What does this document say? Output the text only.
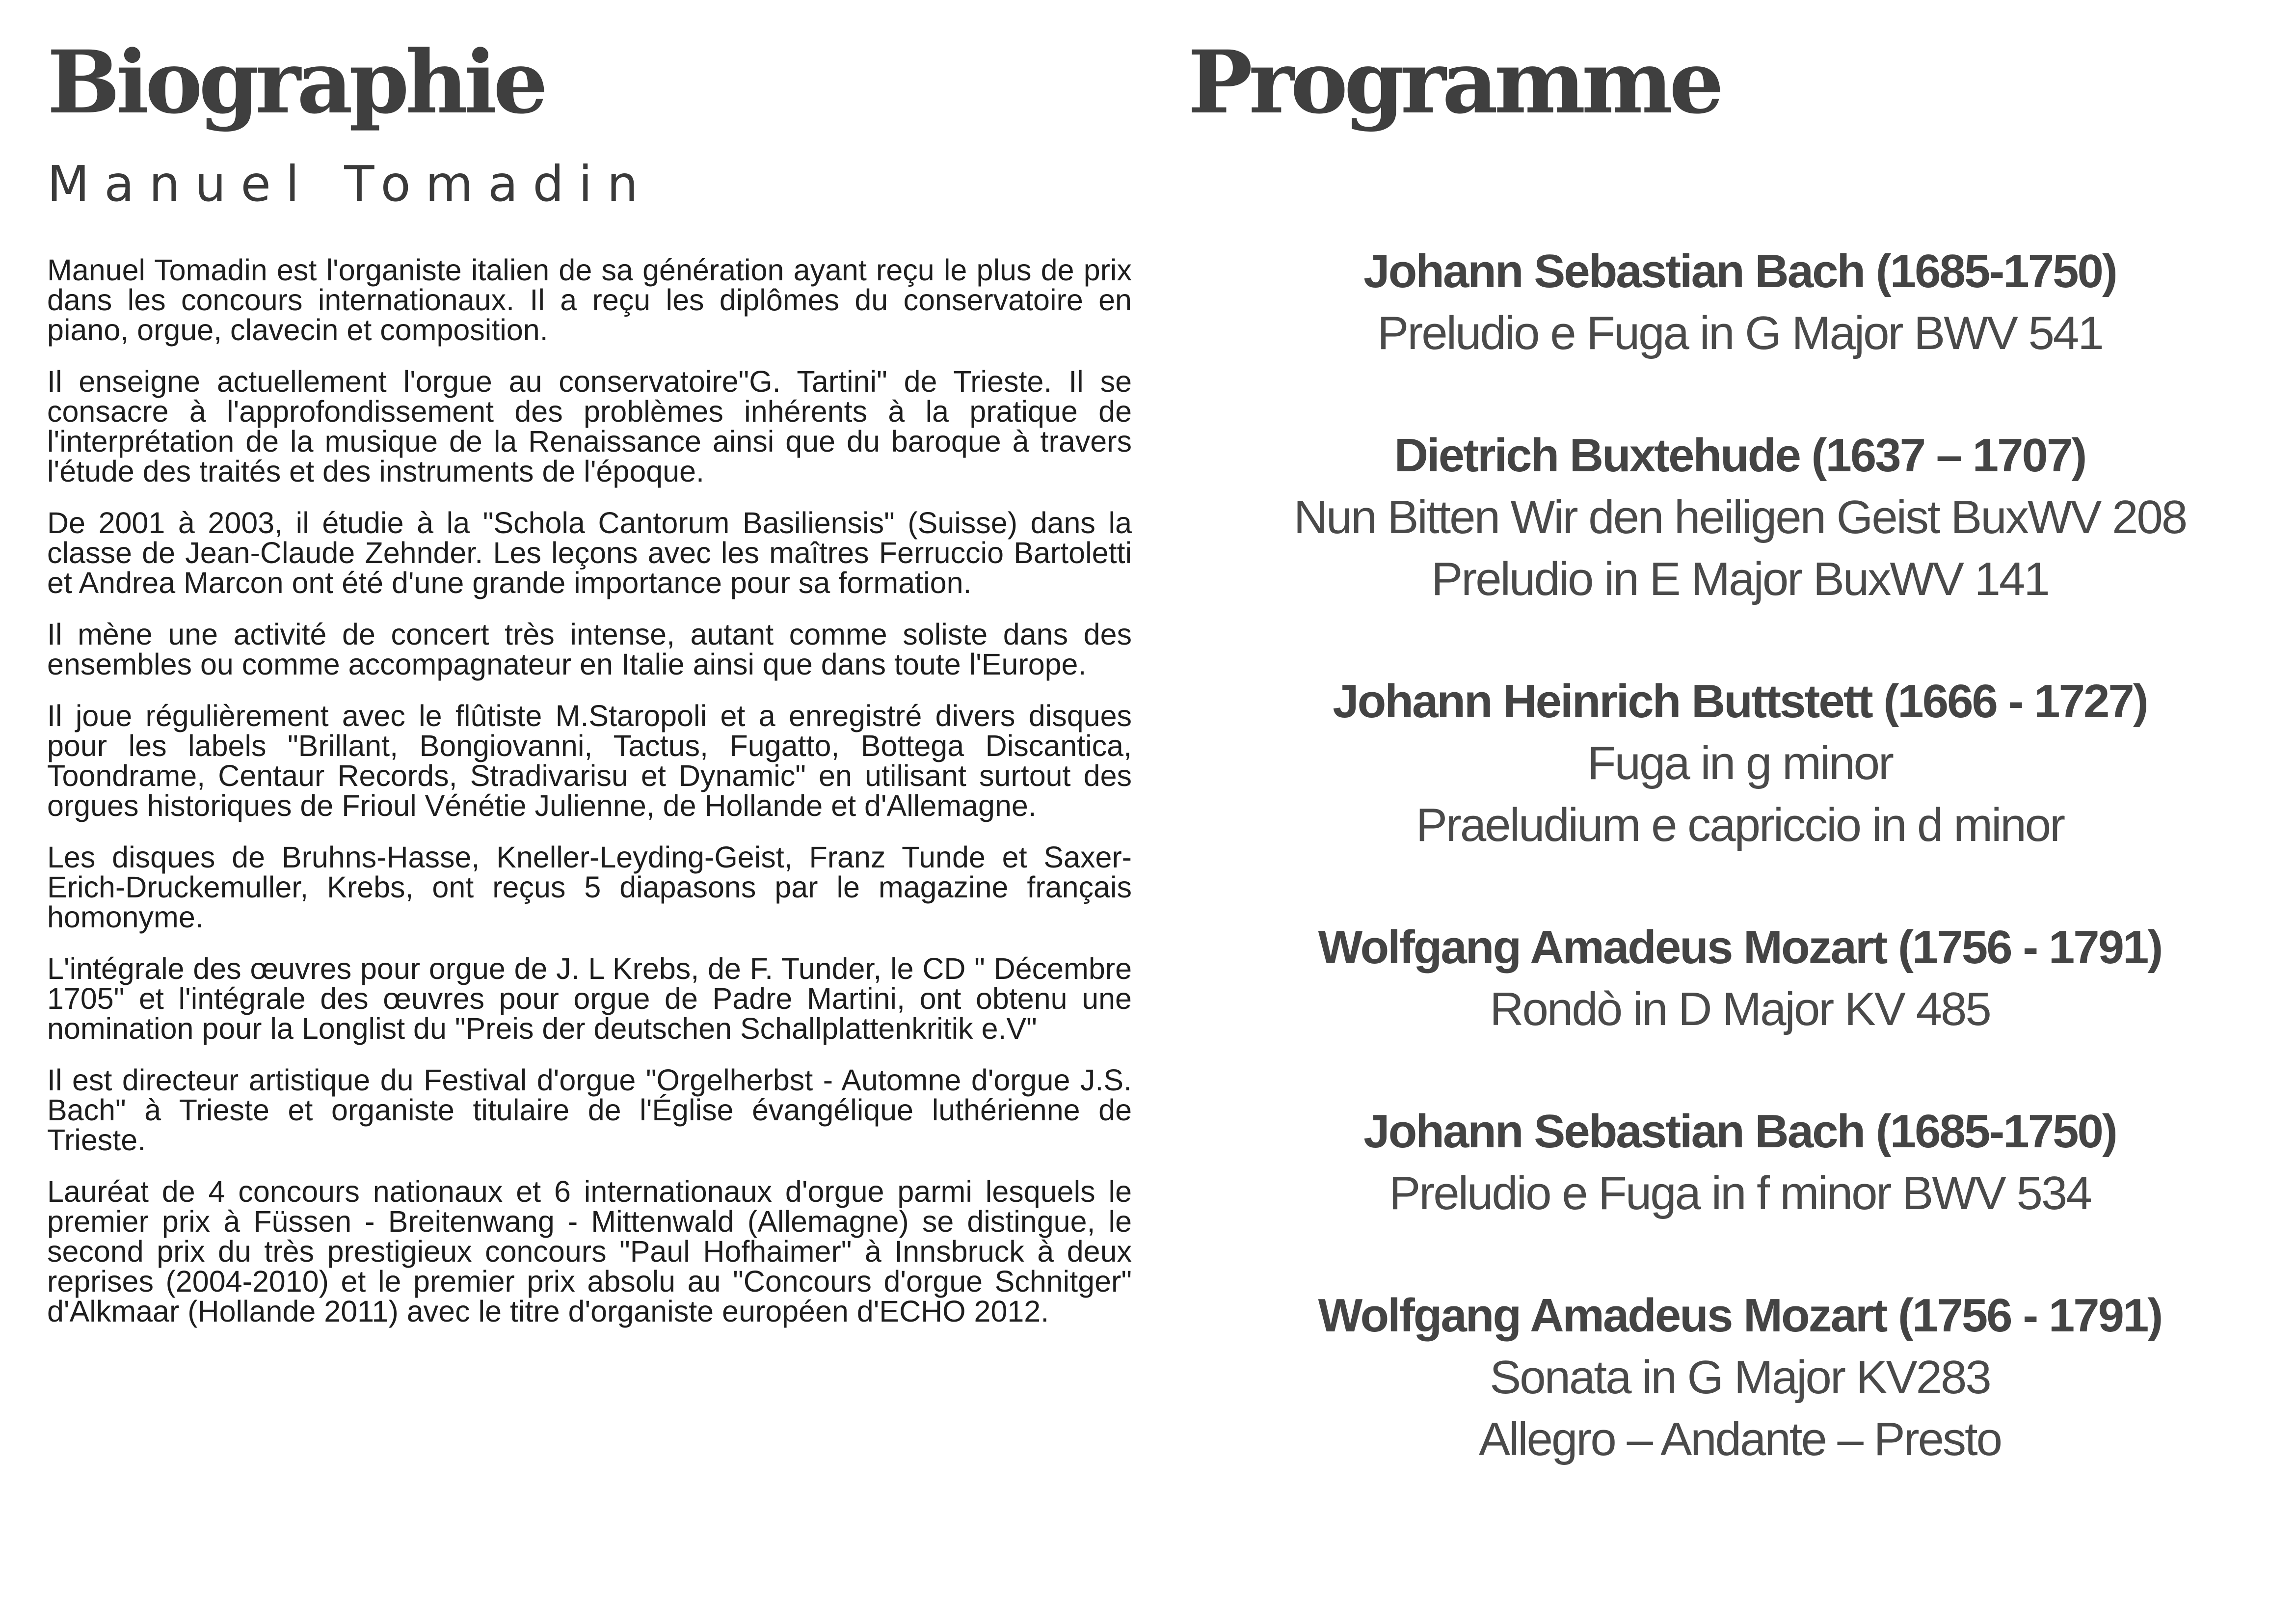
Biographie
Manuel Tomadin

Manuel Tomadin est l'organiste italien de sa génération ayant reçu le plus de prix dans les concours internationaux. Il a reçu les diplômes du conservatoire en piano, orgue, clavecin et composition.

Il enseigne actuellement l'orgue au conservatoire"G. Tartini" de Trieste. Il se consacre à l'approfondissement des problèmes inhérents à la pratique de l'interprétation de la musique de la Renaissance ainsi que du baroque à travers l'étude des traités et des instruments de l'époque.

De 2001 à 2003, il étudie à la "Schola Cantorum Basiliensis" (Suisse) dans la classe de Jean-Claude Zehnder. Les leçons avec les maîtres Ferruccio Bartoletti et Andrea Marcon ont été d'une grande importance pour sa formation.

Il mène une activité de concert très intense, autant comme soliste dans des ensembles ou comme accompagnateur en Italie ainsi que dans toute l'Europe.

Il joue régulièrement avec le flûtiste M.Staropoli et a enregistré divers disques pour les labels "Brillant, Bongiovanni, Tactus, Fugatto, Bottega Discantica, Toondrame, Centaur Records, Stradivarisu et Dynamic" en utilisant surtout des orgues historiques de Frioul Vénétie Julienne, de Hollande et d'Allemagne.

Les disques de Bruhns-Hasse, Kneller-Leyding-Geist, Franz Tunde et Saxer-Erich-Druckemuller, Krebs, ont reçus 5 diapasons par le magazine français homonyme.

L'intégrale des œuvres pour orgue de J. L Krebs, de F. Tunder, le CD " Décembre 1705" et l'intégrale des œuvres pour orgue de Padre Martini, ont obtenu une nomination pour la Longlist du "Preis der deutschen Schallplattenkritik e.V"

Il est directeur artistique du Festival d'orgue "Orgelherbst - Automne d'orgue J.S. Bach" à Trieste et organiste titulaire de l'Église évangélique luthérienne de Trieste.

Lauréat de 4 concours nationaux et 6 internationaux d'orgue parmi lesquels le premier prix à Füssen - Breitenwang - Mittenwald (Allemagne) se distingue, le second prix du très prestigieux concours "Paul Hofhaimer" à Innsbruck à deux reprises (2004-2010) et le premier prix absolu au "Concours d'orgue Schnitger" d'Alkmaar (Hollande 2011) avec le titre d'organiste européen d'ECHO 2012.

Programme
Johann Sebastian Bach (1685-1750)
Preludio e Fuga in G Major BWV 541
Dietrich Buxtehude (1637 – 1707)
Nun Bitten Wir den heiligen Geist BuxWV 208
Preludio in E Major BuxWV 141
Johann Heinrich Buttstett (1666 - 1727)
Fuga in g minor
Praeludium e capriccio in d minor
Wolfgang Amadeus Mozart (1756 - 1791)
Rondò in D Major KV 485
Johann Sebastian Bach (1685-1750)
Preludio e Fuga in f minor BWV 534
Wolfgang Amadeus Mozart (1756 - 1791)
Sonata in G Major KV283
Allegro – Andante – Presto
